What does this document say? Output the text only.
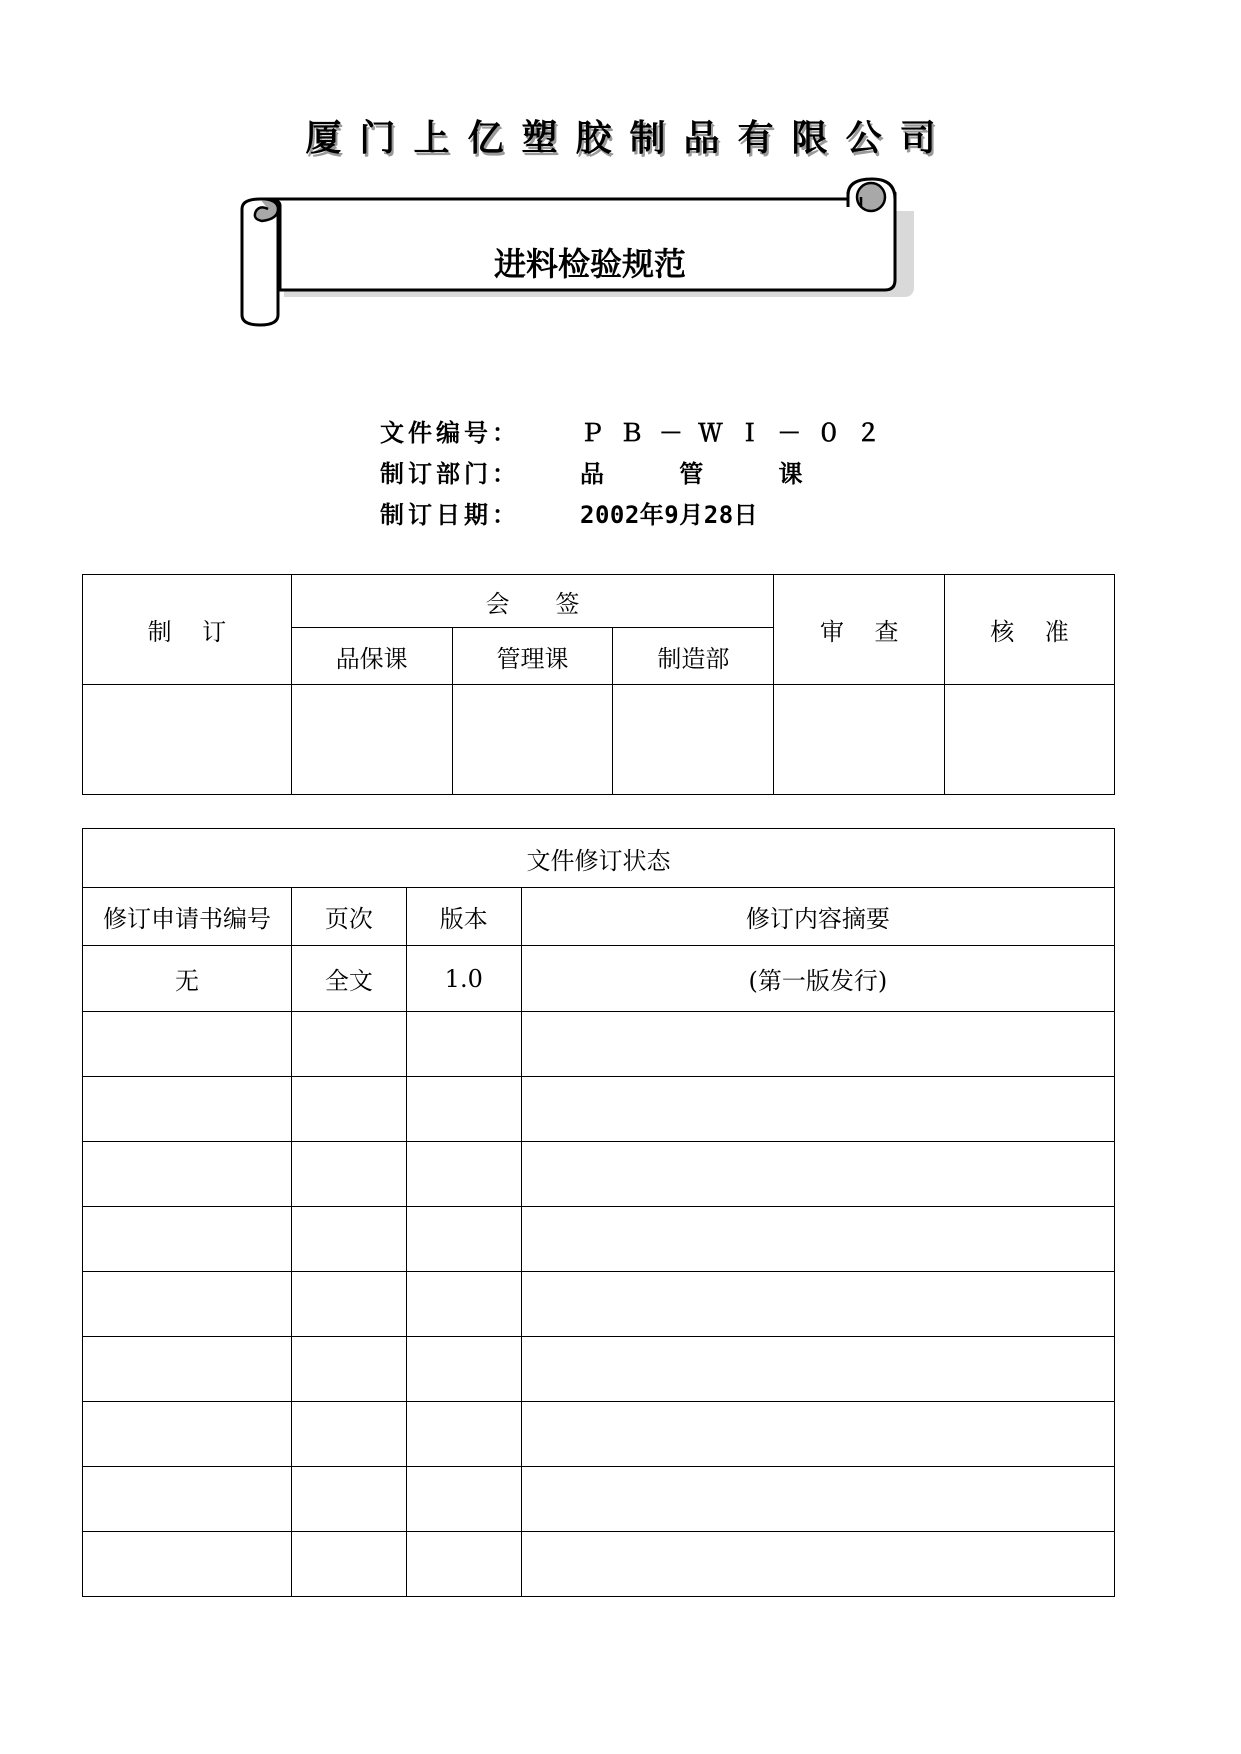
厦 门 上 亿 塑 胶 制 品 有 限 公 司
进料检验规范
文件编号：	Ｐ Ｂ － Ｗ Ｉ － ０ ２
制订部门：	品     管     课
制订日期：	2002年9月28日
制    订	会      签			审    查	核    准
	品保课	管理课	制造部		

文件修订状态			
修订申请书编号	页次	版本	修订内容摘要
无	全文	1.0	(第一版发行)
